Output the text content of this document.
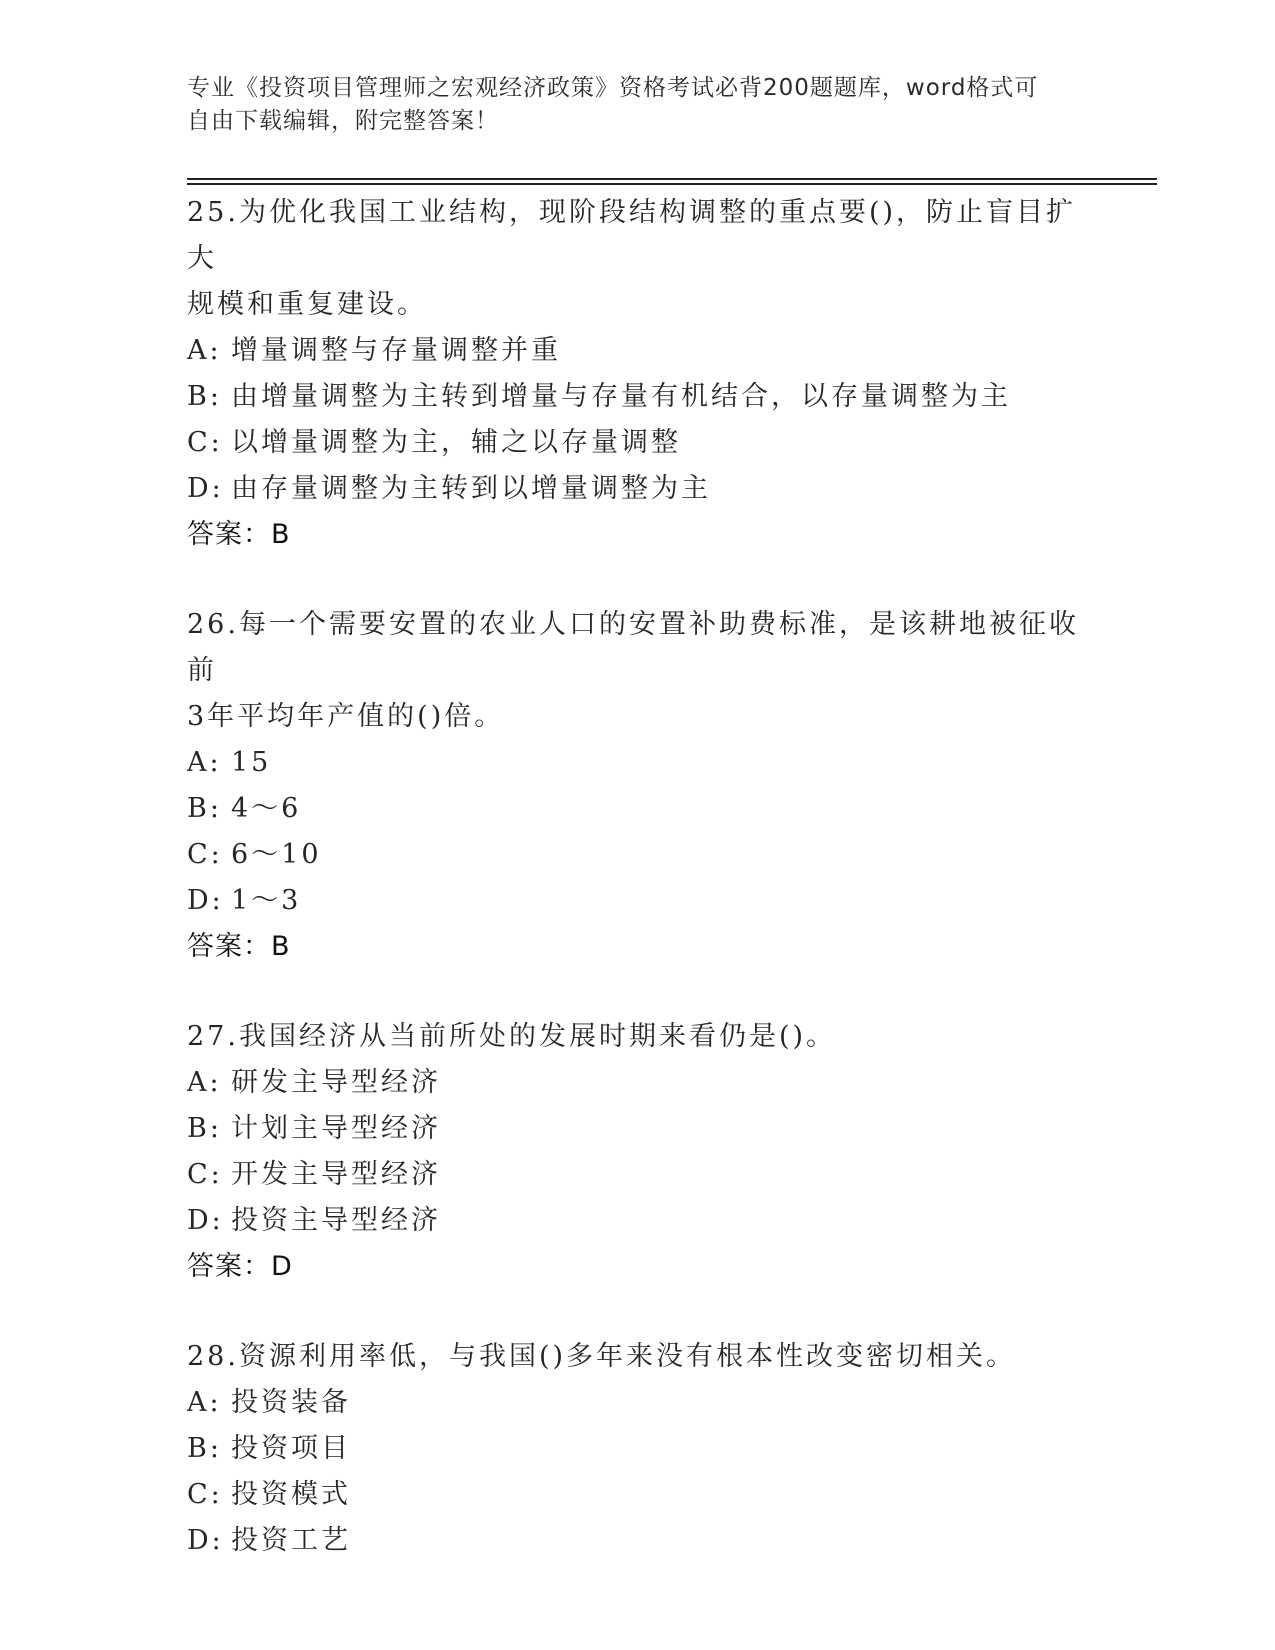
专业《投资项目管理师之宏观经济政策》资格考试必背200题题库，word格式可
自由下载编辑，附完整答案！

25.为优化我国工业结构，现阶段结构调整的重点要()，防止盲目扩大

规模和重复建设。

A: 增量调整与存量调整并重

B: 由增量调整为主转到增量与存量有机结合，以存量调整为主

C: 以增量调整为主，辅之以存量调整

D: 由存量调整为主转到以增量调整为主

答案：B

26.每一个需要安置的农业人口的安置补助费标准，是该耕地被征收前

3年平均年产值的()倍。

A: 15

B: 4～6

C: 6～10

D: 1～3

答案：B

27.我国经济从当前所处的发展时期来看仍是()。

A: 研发主导型经济

B: 计划主导型经济

C: 开发主导型经济

D: 投资主导型经济

答案：D

28.资源利用率低，与我国()多年来没有根本性改变密切相关。

A: 投资装备

B: 投资项目

C: 投资模式

D: 投资工艺
